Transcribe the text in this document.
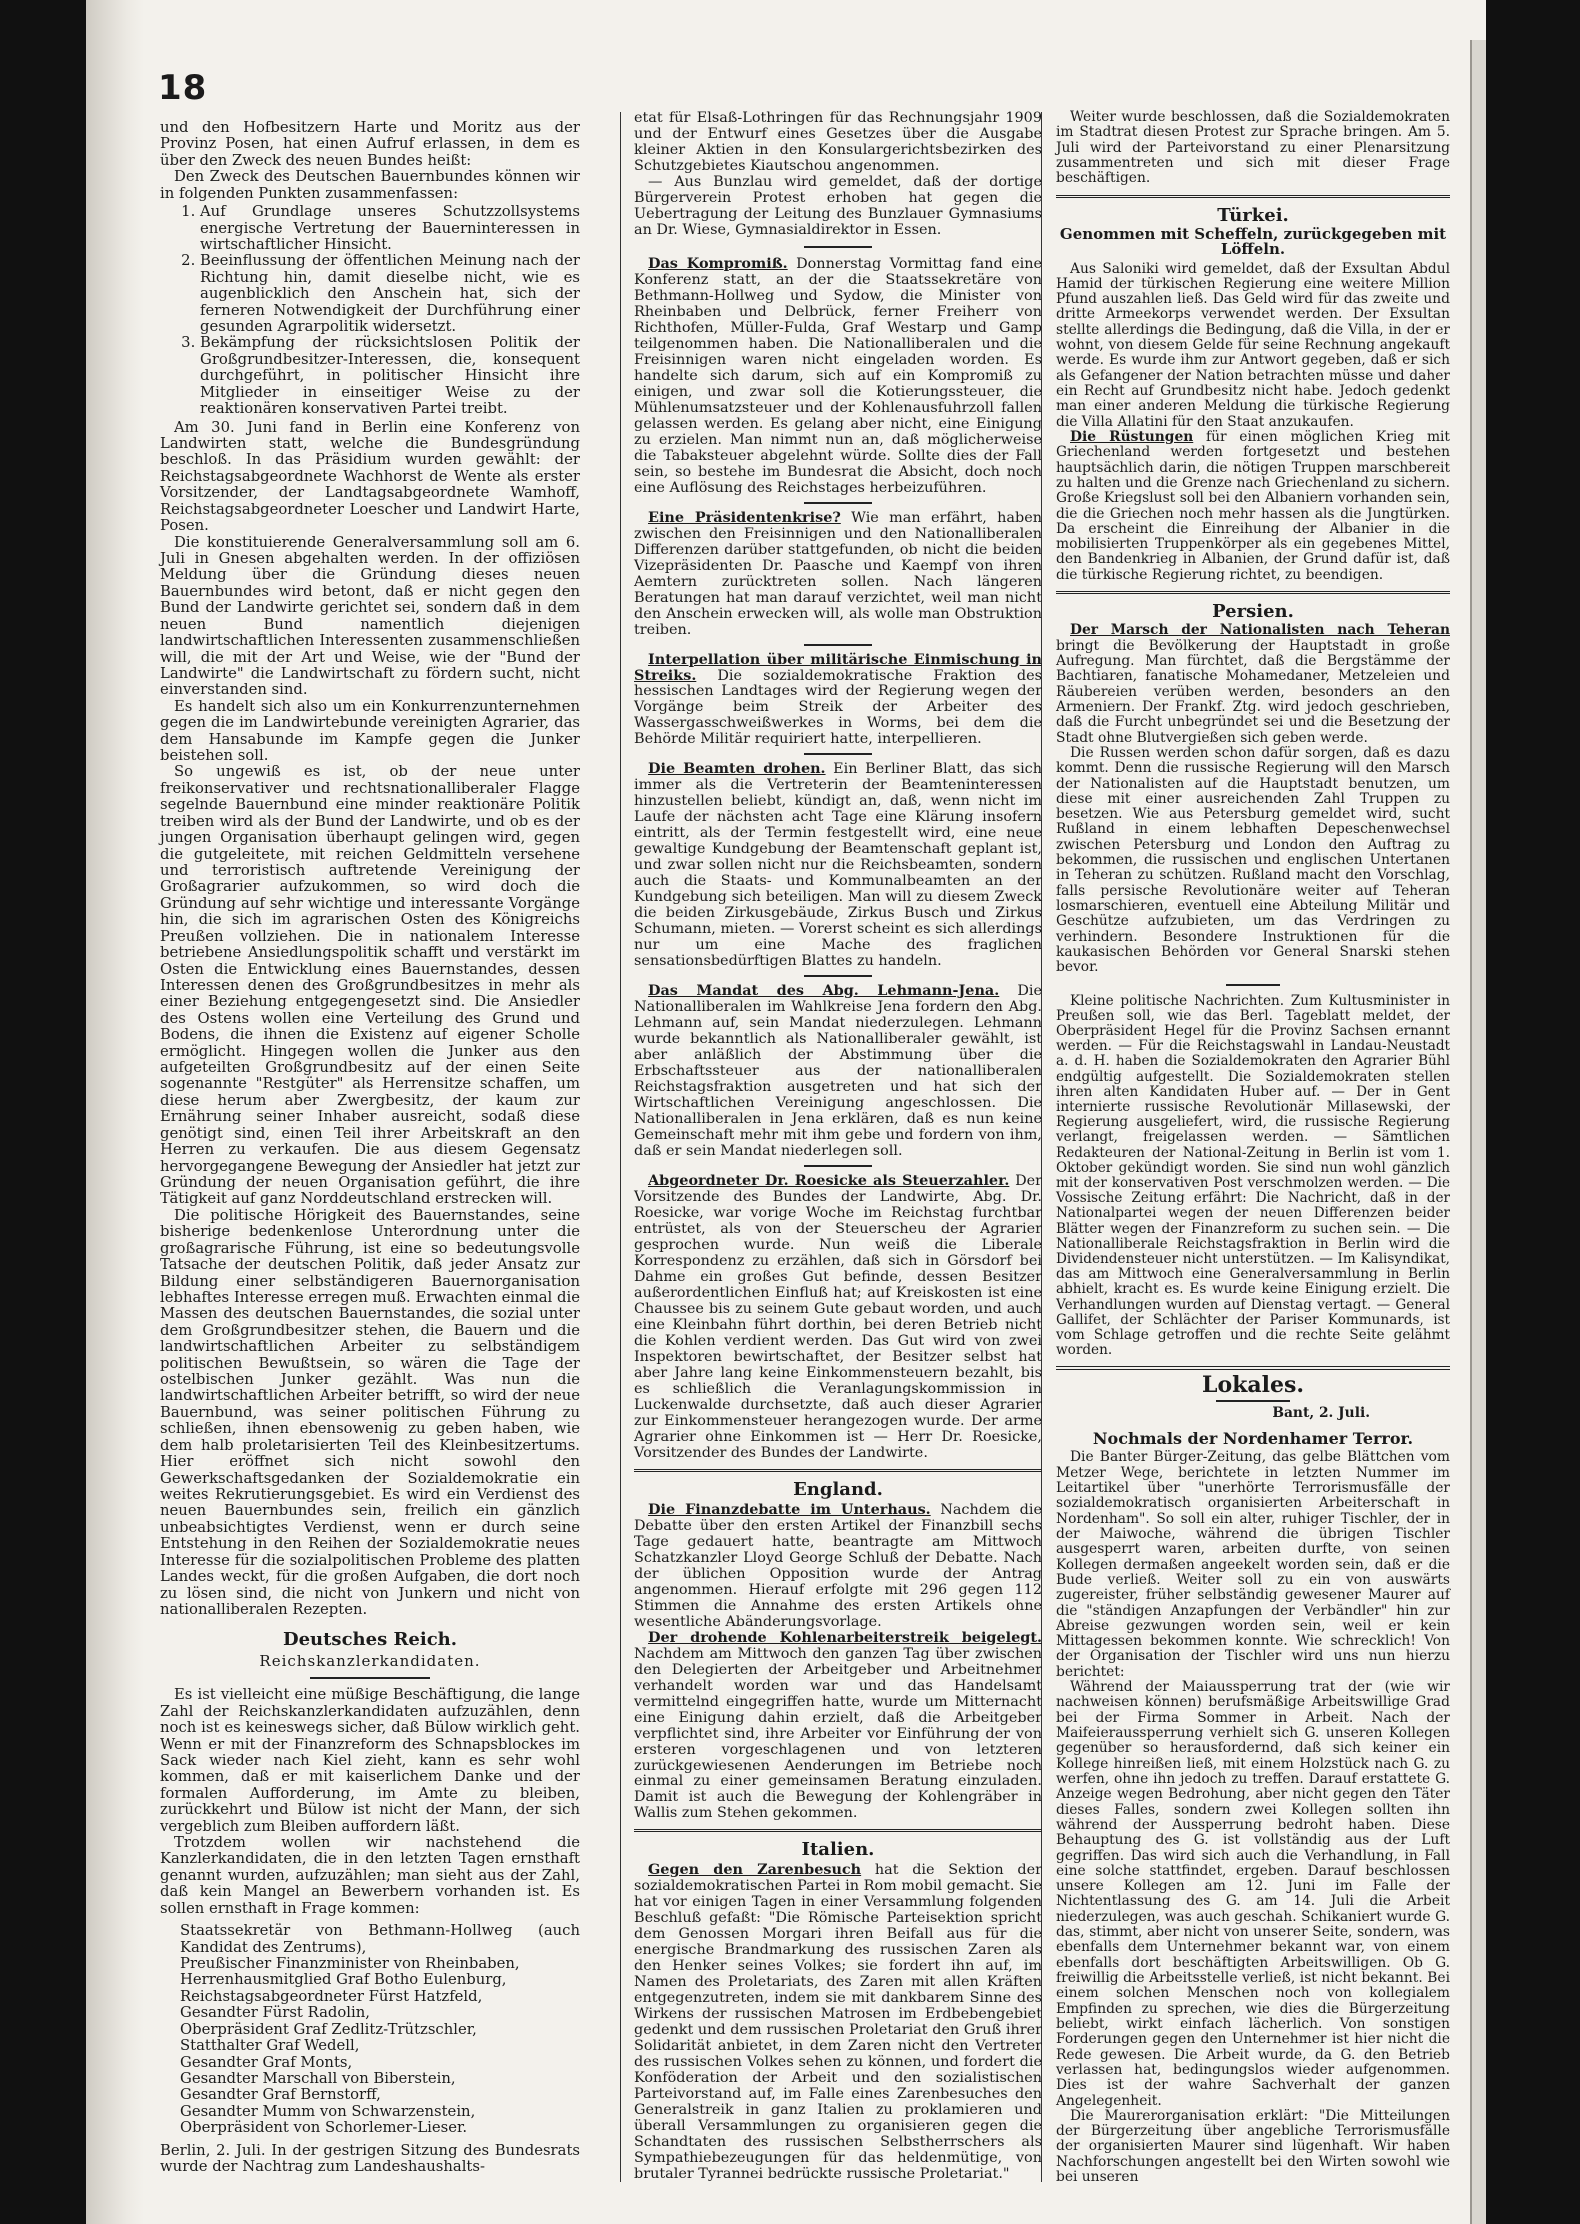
18

und den Hofbesitzern Harte und Moritz aus der Provinz Posen, hat einen Aufruf erlassen, in dem es über den Zweck des neuen Bundes heißt:

Den Zweck des Deutschen Bauernbundes können wir in folgenden Punkten zusammenfassen:

1. Auf Grundlage unseres Schutzzollsystems energische Vertretung der Bauerninteressen in wirtschaftlicher Hinsicht.
2. Beeinflussung der öffentlichen Meinung nach der Richtung hin, damit dieselbe nicht, wie es augenblicklich den Anschein hat, sich der ferneren Notwendigkeit der Durchführung einer gesunden Agrarpolitik widersetzt.
3. Bekämpfung der rücksichtslosen Politik der Großgrundbesitzer-Interessen, die, konsequent durchgeführt, in politischer Hinsicht ihre Mitglieder in einseitiger Weise zu der reaktionären konservativen Partei treibt.

Am 30. Juni fand in Berlin eine Konferenz von Landwirten statt, welche die Bundesgründung beschloß. In das Präsidium wurden gewählt: der Reichstagsabgeordnete Wachhorst de Wente als erster Vorsitzender, der Landtagsabgeordnete Wamhoff, Reichstagsabgeordneter Loescher und Landwirt Harte, Posen.

Die konstituierende Generalversammlung soll am 6. Juli in Gnesen abgehalten werden. In der offiziösen Meldung über die Gründung dieses neuen Bauernbundes wird betont, daß er nicht gegen den Bund der Landwirte gerichtet sei, sondern daß in dem neuen Bund namentlich diejenigen landwirtschaftlichen Interessenten zusammenschließen will, die mit der Art und Weise, wie der "Bund der Landwirte" die Landwirtschaft zu fördern sucht, nicht einverstanden sind.

Es handelt sich also um ein Konkurrenzunternehmen gegen die im Landwirtebunde vereinigten Agrarier, das dem Hansabunde im Kampfe gegen die Junker beistehen soll.

So ungewiß es ist, ob der neue unter freikonservativer und rechtsnationalliberaler Flagge segelnde Bauernbund eine minder reaktionäre Politik treiben wird als der Bund der Landwirte, und ob es der jungen Organisation überhaupt gelingen wird, gegen die gutgeleitete, mit reichen Geldmitteln versehene und terroristisch auftretende Vereinigung der Großagrarier aufzukommen, so wird doch die Gründung auf sehr wichtige und interessante Vorgänge hin, die sich im agrarischen Osten des Königreichs Preußen vollziehen. Die in nationalem Interesse betriebene Ansiedlungspolitik schafft und verstärkt im Osten die Entwicklung eines Bauernstandes, dessen Interessen denen des Großgrundbesitzes in mehr als einer Beziehung entgegengesetzt sind. Die Ansiedler des Ostens wollen eine Verteilung des Grund und Bodens, die ihnen die Existenz auf eigener Scholle ermöglicht. Hingegen wollen die Junker aus den aufgeteilten Großgrundbesitz auf der einen Seite sogenannte "Restgüter" als Herrensitze schaffen, um diese herum aber Zwergbesitz, der kaum zur Ernährung seiner Inhaber ausreicht, sodaß diese genötigt sind, einen Teil ihrer Arbeitskraft an den Herren zu verkaufen. Die aus diesem Gegensatz hervorgegangene Bewegung der Ansiedler hat jetzt zur Gründung der neuen Organisation geführt, die ihre Tätigkeit auf ganz Norddeutschland erstrecken will.

Die politische Hörigkeit des Bauernstandes, seine bisherige bedenkenlose Unterordnung unter die großagrarische Führung, ist eine so bedeutungsvolle Tatsache der deutschen Politik, daß jeder Ansatz zur Bildung einer selbständigeren Bauernorganisation lebhaftes Interesse erregen muß. Erwachten einmal die Massen des deutschen Bauernstandes, die sozial unter dem Großgrundbesitzer stehen, die Bauern und die landwirtschaftlichen Arbeiter zu selbständigem politischen Bewußtsein, so wären die Tage der ostelbischen Junker gezählt. Was nun die landwirtschaftlichen Arbeiter betrifft, so wird der neue Bauernbund, was seiner politischen Führung zu schließen, ihnen ebensowenig zu geben haben, wie dem halb proletarisierten Teil des Kleinbesitzertums. Hier eröffnet sich nicht sowohl den Gewerkschaftsgedanken der Sozialdemokratie ein weites Rekrutierungsgebiet. Es wird ein Verdienst des neuen Bauernbundes sein, freilich ein gänzlich unbeabsichtigtes Verdienst, wenn er durch seine Entstehung in den Reihen der Sozialdemokratie neues Interesse für die sozialpolitischen Probleme des platten Landes weckt, für die großen Aufgaben, die dort noch zu lösen sind, die nicht von Junkern und nicht von nationalliberalen Rezepten.

Deutsches Reich.
Reichskanzlerkandidaten.

Es ist vielleicht eine müßige Beschäftigung, die lange Zahl der Reichskanzlerkandidaten aufzuzählen, denn noch ist es keineswegs sicher, daß Bülow wirklich geht. Wenn er mit der Finanzreform des Schnapsblockes im Sack wieder nach Kiel zieht, kann es sehr wohl kommen, daß er mit kaiserlichem Danke und der formalen Aufforderung, im Amte zu bleiben, zurückkehrt und Bülow ist nicht der Mann, der sich vergeblich zum Bleiben auffordern läßt.

Trotzdem wollen wir nachstehend die Kanzlerkandidaten, die in den letzten Tagen ernsthaft genannt wurden, aufzuzählen; man sieht aus der Zahl, daß kein Mangel an Bewerbern vorhanden ist. Es sollen ernsthaft in Frage kommen:

Staatssekretär von Bethmann-Hollweg (auch Kandidat des Zentrums),
Preußischer Finanzminister von Rheinbaben,
Herrenhausmitglied Graf Botho Eulenburg,
Reichstagsabgeordneter Fürst Hatzfeld,
Gesandter Fürst Radolin,
Oberpräsident Graf Zedlitz-Trützschler,
Statthalter Graf Wedell,
Gesandter Graf Monts,
Gesandter Marschall von Biberstein,
Gesandter Graf Bernstorff,
Gesandter Mumm von Schwarzenstein,
Oberpräsident von Schorlemer-Lieser.

Berlin, 2. Juli. In der gestrigen Sitzung des Bundesrats wurde der Nachtrag zum Landeshaushalts-

etat für Elsaß-Lothringen für das Rechnungsjahr 1909 und der Entwurf eines Gesetzes über die Ausgabe kleiner Aktien in den Konsulargerichtsbezirken des Schutzgebietes Kiautschou angenommen.

— Aus Bunzlau wird gemeldet, daß der dortige Bürgerverein Protest erhoben hat gegen die Uebertragung der Leitung des Bunzlauer Gymnasiums an Dr. Wiese, Gymnasialdirektor in Essen.

Das Kompromiß. Donnerstag Vormittag fand eine Konferenz statt, an der die Staatssekretäre von Bethmann-Hollweg und Sydow, die Minister von Rheinbaben und Delbrück, ferner Freiherr von Richthofen, Müller-Fulda, Graf Westarp und Gamp teilgenommen haben. Die Nationalliberalen und die Freisinnigen waren nicht eingeladen worden. Es handelte sich darum, sich auf ein Kompromiß zu einigen, und zwar soll die Kotierungssteuer, die Mühlenumsatzsteuer und der Kohlenausfuhrzoll fallen gelassen werden. Es gelang aber nicht, eine Einigung zu erzielen. Man nimmt nun an, daß möglicherweise die Tabaksteuer abgelehnt würde. Sollte dies der Fall sein, so bestehe im Bundesrat die Absicht, doch noch eine Auflösung des Reichstages herbeizuführen.

Eine Präsidentenkrise? Wie man erfährt, haben zwischen den Freisinnigen und den Nationalliberalen Differenzen darüber stattgefunden, ob nicht die beiden Vizepräsidenten Dr. Paasche und Kaempf von ihren Aemtern zurücktreten sollen. Nach längeren Beratungen hat man darauf verzichtet, weil man nicht den Anschein erwecken will, als wolle man Obstruktion treiben.

Interpellation über militärische Einmischung in Streiks. Die sozialdemokratische Fraktion des hessischen Landtages wird der Regierung wegen der Vorgänge beim Streik der Arbeiter des Wassergasschweißwerkes in Worms, bei dem die Behörde Militär requiriert hatte, interpellieren.

Die Beamten drohen. Ein Berliner Blatt, das sich immer als die Vertreterin der Beamteninteressen hinzustellen beliebt, kündigt an, daß, wenn nicht im Laufe der nächsten acht Tage eine Klärung insofern eintritt, als der Termin festgestellt wird, eine neue gewaltige Kundgebung der Beamtenschaft geplant ist, und zwar sollen nicht nur die Reichsbeamten, sondern auch die Staats- und Kommunalbeamten an der Kundgebung sich beteiligen. Man will zu diesem Zweck die beiden Zirkusgebäude, Zirkus Busch und Zirkus Schumann, mieten. — Vorerst scheint es sich allerdings nur um eine Mache des fraglichen sensationsbedürftigen Blattes zu handeln.

Das Mandat des Abg. Lehmann-Jena. Die Nationalliberalen im Wahlkreise Jena fordern den Abg. Lehmann auf, sein Mandat niederzulegen. Lehmann wurde bekanntlich als Nationalliberaler gewählt, ist aber anläßlich der Abstimmung über die Erbschaftssteuer aus der nationalliberalen Reichstagsfraktion ausgetreten und hat sich der Wirtschaftlichen Vereinigung angeschlossen. Die Nationalliberalen in Jena erklären, daß es nun keine Gemeinschaft mehr mit ihm gebe und fordern von ihm, daß er sein Mandat niederlegen soll.

Abgeordneter Dr. Roesicke als Steuerzahler. Der Vorsitzende des Bundes der Landwirte, Abg. Dr. Roesicke, war vorige Woche im Reichstag furchtbar entrüstet, als von der Steuerscheu der Agrarier gesprochen wurde. Nun weiß die Liberale Korrespondenz zu erzählen, daß sich in Görsdorf bei Dahme ein großes Gut befinde, dessen Besitzer außerordentlichen Einfluß hat; auf Kreiskosten ist eine Chaussee bis zu seinem Gute gebaut worden, und auch eine Kleinbahn führt dorthin, bei deren Betrieb nicht die Kohlen verdient werden. Das Gut wird von zwei Inspektoren bewirtschaftet, der Besitzer selbst hat aber Jahre lang keine Einkommensteuern bezahlt, bis es schließlich die Veranlagungskommission in Luckenwalde durchsetzte, daß auch dieser Agrarier zur Einkommensteuer herangezogen wurde. Der arme Agrarier ohne Einkommen ist — Herr Dr. Roesicke, Vorsitzender des Bundes der Landwirte.

England.

Die Finanzdebatte im Unterhaus. Nachdem die Debatte über den ersten Artikel der Finanzbill sechs Tage gedauert hatte, beantragte am Mittwoch Schatzkanzler Lloyd George Schluß der Debatte. Nach der üblichen Opposition wurde der Antrag angenommen. Hierauf erfolgte mit 296 gegen 112 Stimmen die Annahme des ersten Artikels ohne wesentliche Abänderungsvorlage.

Der drohende Kohlenarbeiterstreik beigelegt. Nachdem am Mittwoch den ganzen Tag über zwischen den Delegierten der Arbeitgeber und Arbeitnehmer verhandelt worden war und das Handelsamt vermittelnd eingegriffen hatte, wurde um Mitternacht eine Einigung dahin erzielt, daß die Arbeitgeber verpflichtet sind, ihre Arbeiter vor Einführung der von ersteren vorgeschlagenen und von letzteren zurückgewiesenen Aenderungen im Betriebe noch einmal zu einer gemeinsamen Beratung einzuladen. Damit ist auch die Bewegung der Kohlengräber in Wallis zum Stehen gekommen.

Italien.

Gegen den Zarenbesuch hat die Sektion der sozialdemokratischen Partei in Rom mobil gemacht. Sie hat vor einigen Tagen in einer Versammlung folgenden Beschluß gefaßt: "Die Römische Parteisektion spricht dem Genossen Morgari ihren Beifall aus für die energische Brandmarkung des russischen Zaren als den Henker seines Volkes; sie fordert ihn auf, im Namen des Proletariats, des Zaren mit allen Kräften entgegenzutreten, indem sie mit dankbarem Sinne des Wirkens der russischen Matrosen im Erdbebengebiet gedenkt und dem russischen Proletariat den Gruß ihrer Solidarität anbietet, in dem Zaren nicht den Vertreter des russischen Volkes sehen zu können, und fordert die Konföderation der Arbeit und den sozialistischen Parteivorstand auf, im Falle eines Zarenbesuches den Generalstreik in ganz Italien zu proklamieren und überall Versammlungen zu organisieren gegen die Schandtaten des russischen Selbstherrschers als Sympathiebezeugungen für das heldenmütige, von brutaler Tyrannei bedrückte russische Proletariat."

Weiter wurde beschlossen, daß die Sozialdemokraten im Stadtrat diesen Protest zur Sprache bringen. Am 5. Juli wird der Parteivorstand zu einer Plenarsitzung zusammentreten und sich mit dieser Frage beschäftigen.

Türkei.
Genommen mit Scheffeln, zurückgegeben mit Löffeln.

Aus Saloniki wird gemeldet, daß der Exsultan Abdul Hamid der türkischen Regierung eine weitere Million Pfund auszahlen ließ. Das Geld wird für das zweite und dritte Armeekorps verwendet werden. Der Exsultan stellte allerdings die Bedingung, daß die Villa, in der er wohnt, von diesem Gelde für seine Rechnung angekauft werde. Es wurde ihm zur Antwort gegeben, daß er sich als Gefangener der Nation betrachten müsse und daher ein Recht auf Grundbesitz nicht habe. Jedoch gedenkt man einer anderen Meldung die türkische Regierung die Villa Allatini für den Staat anzukaufen.

Die Rüstungen für einen möglichen Krieg mit Griechenland werden fortgesetzt und bestehen hauptsächlich darin, die nötigen Truppen marschbereit zu halten und die Grenze nach Griechenland zu sichern. Große Kriegslust soll bei den Albaniern vorhanden sein, die die Griechen noch mehr hassen als die Jungtürken. Da erscheint die Einreihung der Albanier in die mobilisierten Truppenkörper als ein gegebenes Mittel, den Bandenkrieg in Albanien, der Grund dafür ist, daß die türkische Regierung richtet, zu beendigen.

Persien.

Der Marsch der Nationalisten nach Teheran bringt die Bevölkerung der Hauptstadt in große Aufregung. Man fürchtet, daß die Bergstämme der Bachtiaren, fanatische Mohamedaner, Metzeleien und Räubereien verüben werden, besonders an den Armeniern. Der Frankf. Ztg. wird jedoch geschrieben, daß die Furcht unbegründet sei und die Besetzung der Stadt ohne Blutvergießen sich geben werde.

Die Russen werden schon dafür sorgen, daß es dazu kommt. Denn die russische Regierung will den Marsch der Nationalisten auf die Hauptstadt benutzen, um diese mit einer ausreichenden Zahl Truppen zu besetzen. Wie aus Petersburg gemeldet wird, sucht Rußland in einem lebhaften Depeschenwechsel zwischen Petersburg und London den Auftrag zu bekommen, die russischen und englischen Untertanen in Teheran zu schützen. Rußland macht den Vorschlag, falls persische Revolutionäre weiter auf Teheran losmarschieren, eventuell eine Abteilung Militär und Geschütze aufzubieten, um das Verdringen zu verhindern. Besondere Instruktionen für die kaukasischen Behörden vor General Snarski stehen bevor.

Kleine politische Nachrichten. Zum Kultusminister in Preußen soll, wie das Berl. Tageblatt meldet, der Oberpräsident Hegel für die Provinz Sachsen ernannt werden. — Für die Reichstagswahl in Landau-Neustadt a. d. H. haben die Sozialdemokraten den Agrarier Bühl endgültig aufgestellt. Die Sozialdemokraten stellen ihren alten Kandidaten Huber auf. — Der in Gent internierte russische Revolutionär Millasewski, der Regierung ausgeliefert, wird, die russische Regierung verlangt, freigelassen werden. — Sämtlichen Redakteuren der National-Zeitung in Berlin ist vom 1. Oktober gekündigt worden. Sie sind nun wohl gänzlich mit der konservativen Post verschmolzen werden. — Die Vossische Zeitung erfährt: Die Nachricht, daß in der Nationalpartei wegen der neuen Differenzen beider Blätter wegen der Finanzreform zu suchen sein. — Die Nationalliberale Reichstagsfraktion in Berlin wird die Dividendensteuer nicht unterstützen. — Im Kalisyndikat, das am Mittwoch eine Generalversammlung in Berlin abhielt, kracht es. Es wurde keine Einigung erzielt. Die Verhandlungen wurden auf Dienstag vertagt. — General Gallifet, der Schlächter der Pariser Kommunards, ist vom Schlage getroffen und die rechte Seite gelähmt worden.

Lokales.
Bant, 2. Juli.
Nochmals der Nordenhamer Terror.

Die Banter Bürger-Zeitung, das gelbe Blättchen vom Metzer Wege, berichtete in letzten Nummer im Leitartikel über "unerhörte Terrorismusfälle der sozialdemokratisch organisierten Arbeiterschaft in Nordenham". So soll ein alter, ruhiger Tischler, der in der Maiwoche, während die übrigen Tischler ausgesperrt waren, arbeiten durfte, von seinen Kollegen dermaßen angeekelt worden sein, daß er die Bude verließ. Weiter soll zu ein von auswärts zugereister, früher selbständig gewesener Maurer auf die "ständigen Anzapfungen der Verbändler" hin zur Abreise gezwungen worden sein, weil er kein Mittagessen bekommen konnte. Wie schrecklich! Von der Organisation der Tischler wird uns nun hierzu berichtet:

Während der Maiaussperrung trat der (wie wir nachweisen können) berufsmäßige Arbeitswillige Grad bei der Firma Sommer in Arbeit. Nach der Maifeieraussperrung verhielt sich G. unseren Kollegen gegenüber so herausfordernd, daß sich keiner ein Kollege hinreißen ließ, mit einem Holzstück nach G. zu werfen, ohne ihn jedoch zu treffen. Darauf erstattete G. Anzeige wegen Bedrohung, aber nicht gegen den Täter dieses Falles, sondern zwei Kollegen sollten ihn während der Aussperrung bedroht haben. Diese Behauptung des G. ist vollständig aus der Luft gegriffen. Das wird sich auch die Verhandlung, in Fall eine solche stattfindet, ergeben. Darauf beschlossen unsere Kollegen am 12. Juni im Falle der Nichtentlassung des G. am 14. Juli die Arbeit niederzulegen, was auch geschah. Schikaniert wurde G. das, stimmt, aber nicht von unserer Seite, sondern, was ebenfalls dem Unternehmer bekannt war, von einem ebenfalls dort beschäftigten Arbeitswilligen. Ob G. freiwillig die Arbeitsstelle verließ, ist nicht bekannt. Bei einem solchen Menschen noch von kollegialem Empfinden zu sprechen, wie dies die Bürgerzeitung beliebt, wirkt einfach lächerlich. Von sonstigen Forderungen gegen den Unternehmer ist hier nicht die Rede gewesen. Die Arbeit wurde, da G. den Betrieb verlassen hat, bedingungslos wieder aufgenommen. Dies ist der wahre Sachverhalt der ganzen Angelegenheit.

Die Maurerorganisation erklärt: "Die Mitteilungen der Bürgerzeitung über angebliche Terrorismusfälle der organisierten Maurer sind lügenhaft. Wir haben Nachforschungen angestellt bei den Wirten sowohl wie bei unseren
